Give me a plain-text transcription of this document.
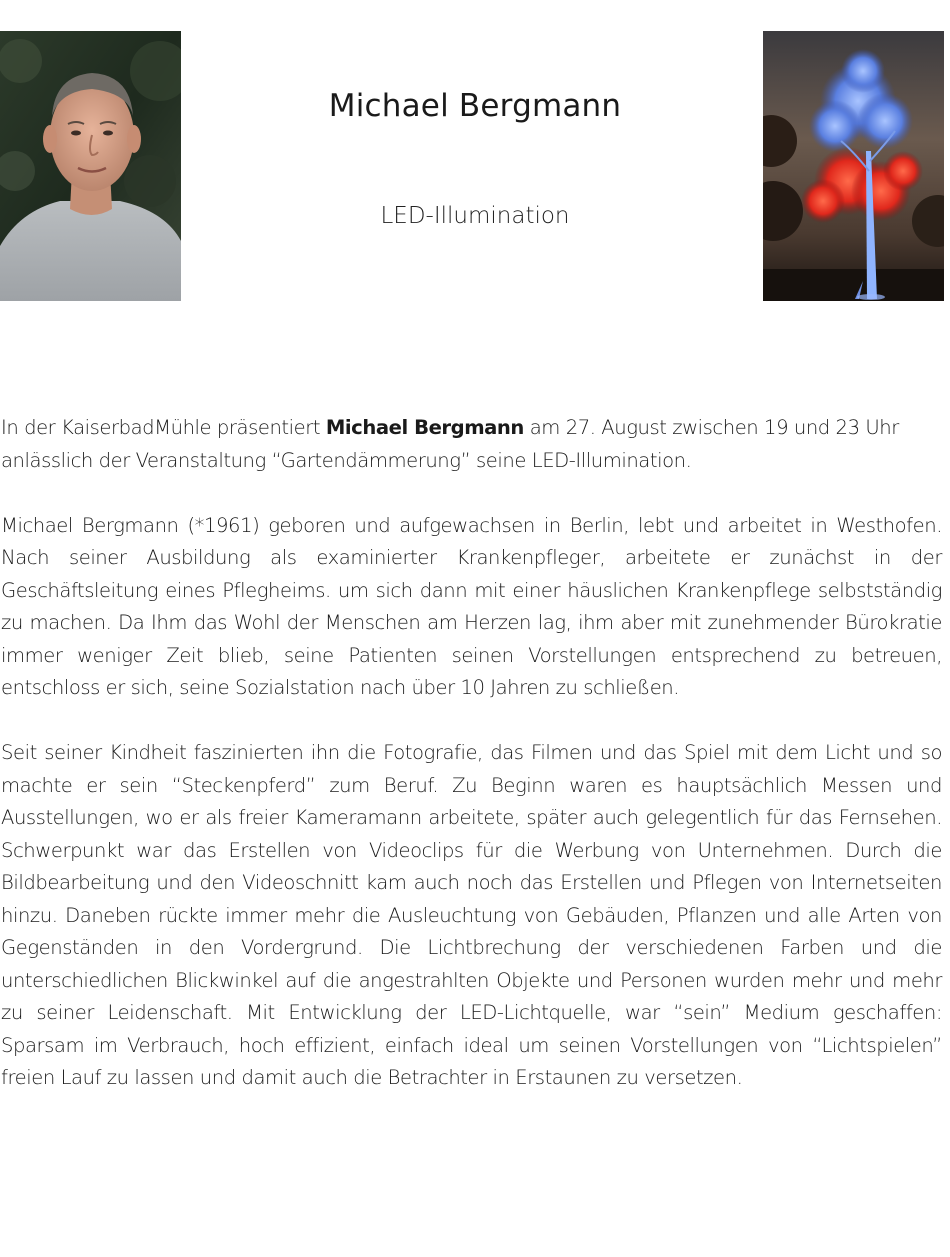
Michael Bergmann
LED-Illumination

In der KaiserbadMühle präsentiert Michael Bergmann am 27. August zwischen 19 und 23 Uhr anlässlich der Veranstaltung “Gartendämmerung” seine LED-Illumination.

Michael Bergmann (*1961) geboren und aufgewachsen in Berlin, lebt und arbeitet in Westhofen. Nach seiner Ausbildung als examinierter Krankenpfleger, arbeitete er zunächst in der Geschäftsleitung eines Pflegheims. um sich dann mit einer häuslichen Krankenpflege selbstständig zu machen. Da Ihm das Wohl der Menschen am Herzen lag, ihm aber mit zunehmender Bürokratie immer weniger Zeit blieb, seine Patienten seinen Vorstellungen entsprechend zu betreuen, entschloss er sich, seine Sozialstation nach über 10 Jahren zu schließen.

Seit seiner Kindheit faszinierten ihn die Fotografie, das Filmen und das Spiel mit dem Licht und so machte er sein “Steckenpferd” zum Beruf. Zu Beginn waren es hauptsächlich Messen und Ausstellungen, wo er als freier Kameramann arbeitete, später auch gelegentlich für das Fernsehen. Schwerpunkt war das Erstellen von Videoclips für die Werbung von Unternehmen. Durch die Bildbearbeitung und den Videoschnitt kam auch noch das Erstellen und Pflegen von Internetseiten hinzu. Daneben rückte immer mehr die Ausleuchtung von Gebäuden, Pflanzen und alle Arten von Gegenständen in den Vordergrund. Die Lichtbrechung der verschiedenen Farben und die unterschiedlichen Blickwinkel auf die angestrahlten Objekte und Personen wurden mehr und mehr zu seiner Leidenschaft. Mit Entwicklung der LED-Lichtquelle, war “sein” Medium geschaffen: Sparsam im Verbrauch, hoch effizient, einfach ideal um seinen Vorstellungen von “Lichtspielen” freien Lauf zu lassen und damit auch die Betrachter in Erstaunen zu versetzen.
